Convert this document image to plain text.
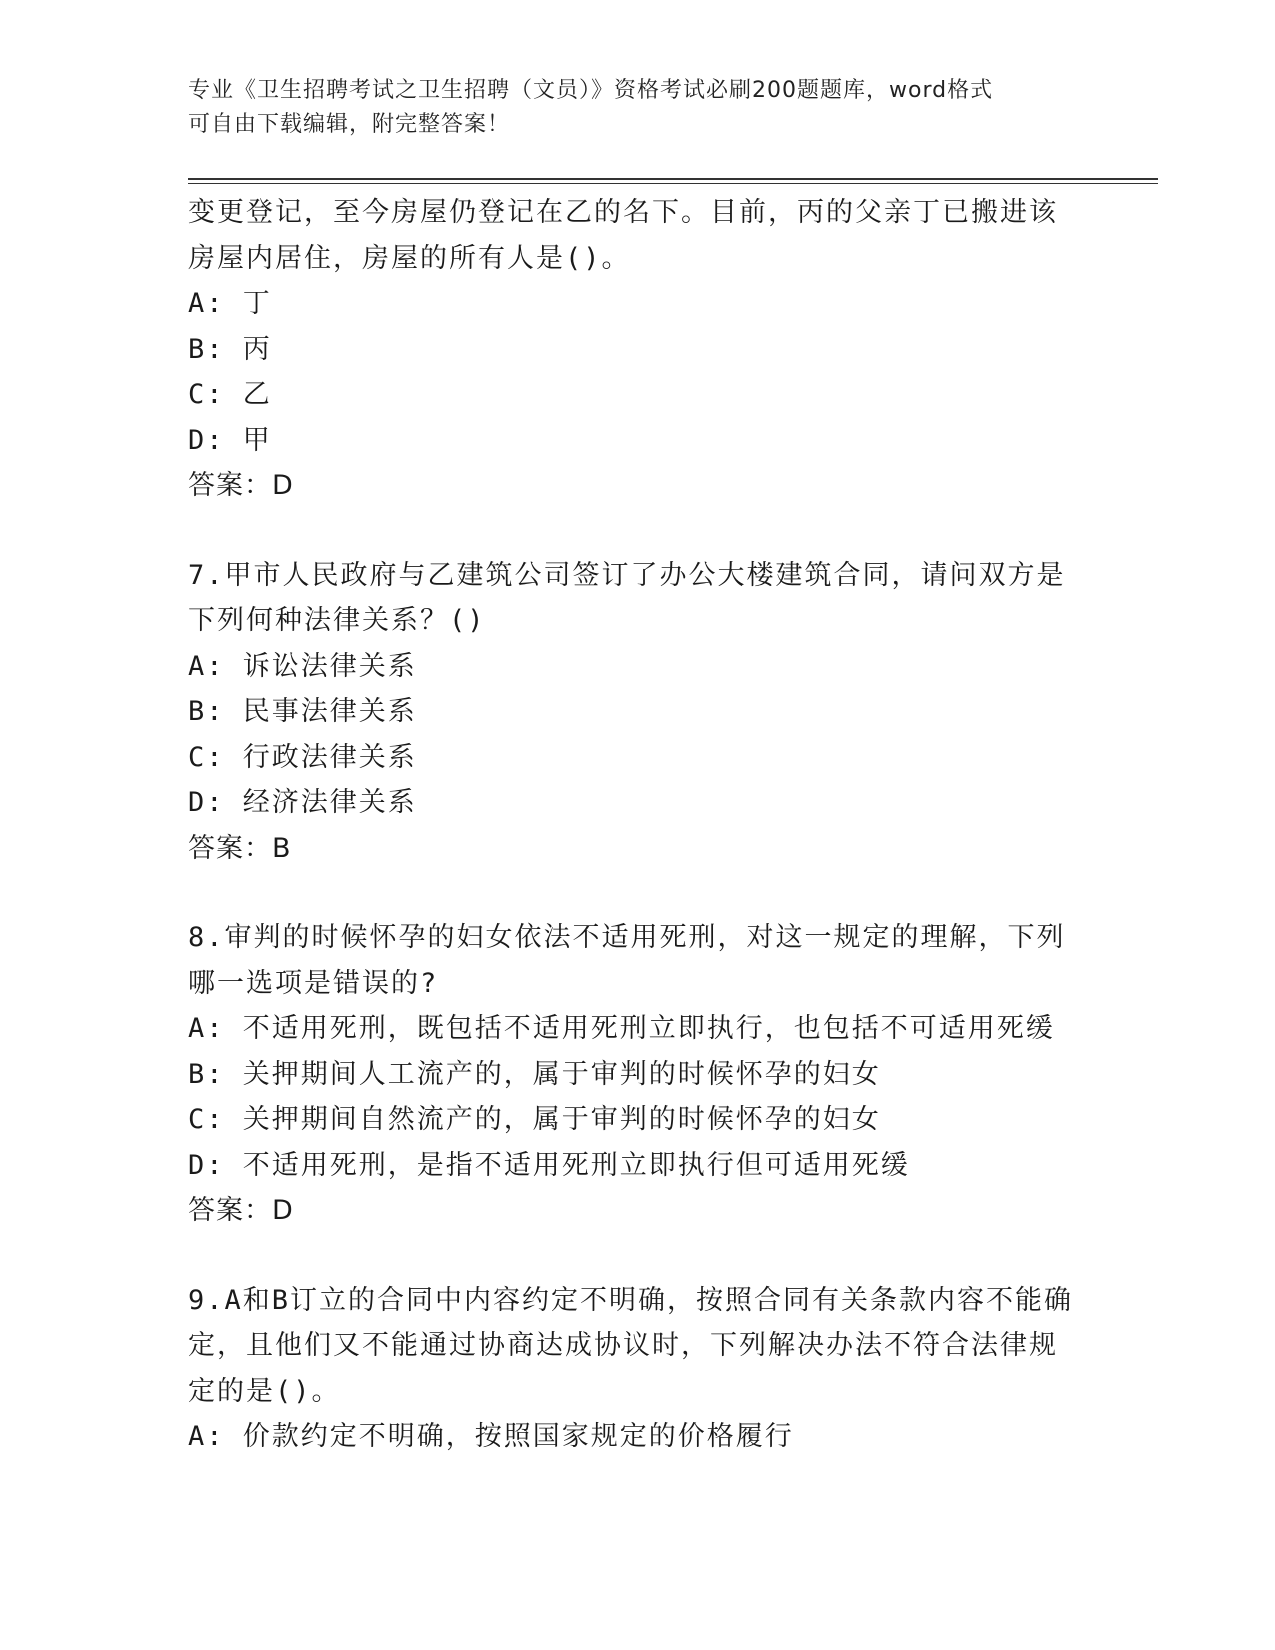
专业《卫生招聘考试之卫生招聘（文员）》资格考试必刷200题题库，word格式
可自由下载编辑，附完整答案！
变更登记，至今房屋仍登记在乙的名下。目前，丙的父亲丁已搬进该
房屋内居住，房屋的所有人是()。
A: 丁
B: 丙
C: 乙
D: 甲
答案：D
7.甲市人民政府与乙建筑公司签订了办公大楼建筑合同，请问双方是
下列何种法律关系？()
A: 诉讼法律关系
B: 民事法律关系
C: 行政法律关系
D: 经济法律关系
答案：B
8.审判的时候怀孕的妇女依法不适用死刑，对这一规定的理解，下列
哪一选项是错误的?
A: 不适用死刑，既包括不适用死刑立即执行，也包括不可适用死缓
B: 关押期间人工流产的，属于审判的时候怀孕的妇女
C: 关押期间自然流产的，属于审判的时候怀孕的妇女
D: 不适用死刑，是指不适用死刑立即执行但可适用死缓
答案：D
9.A和B订立的合同中内容约定不明确，按照合同有关条款内容不能确
定，且他们又不能通过协商达成协议时，下列解决办法不符合法律规
定的是()。
A: 价款约定不明确，按照国家规定的价格履行
